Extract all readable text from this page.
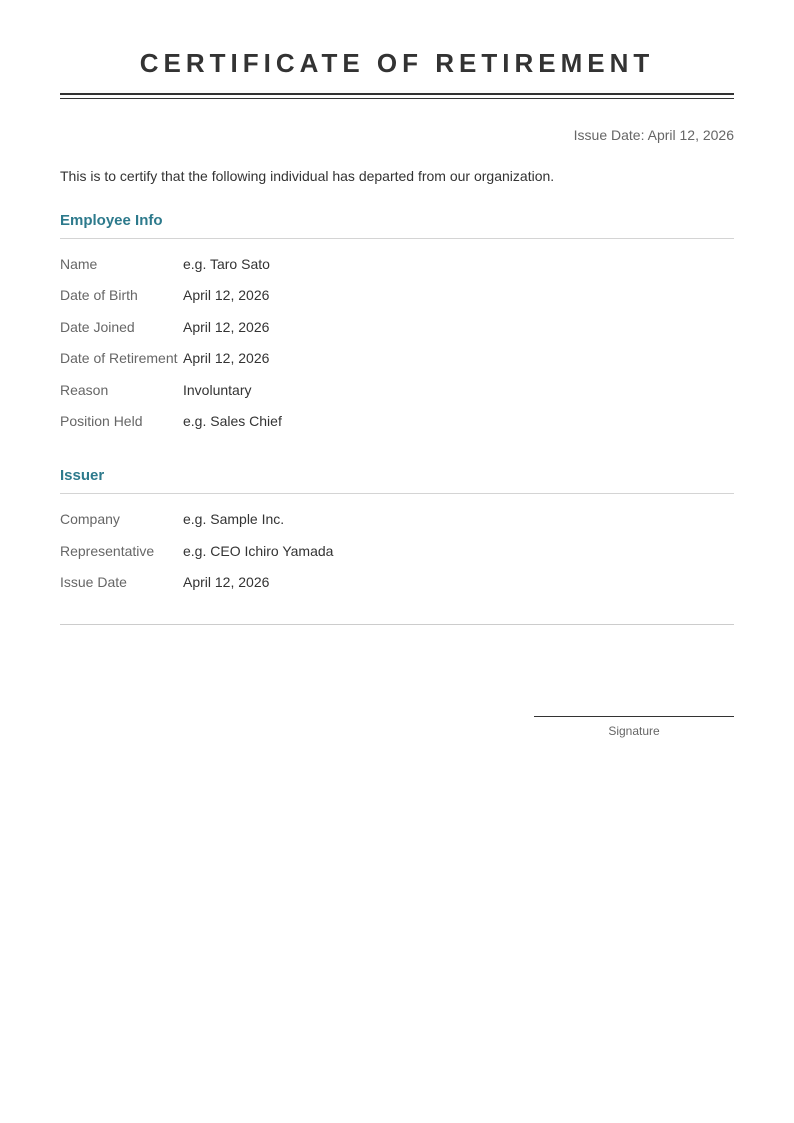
CERTIFICATE OF RETIREMENT
Issue Date: April 12, 2026

This is to certify that the following individual has departed from our organization.

Employee Info
Name	e.g. Taro Sato
Date of Birth	April 12, 2026
Date Joined	April 12, 2026
Date of Retirement April 12, 2026
Reason	Involuntary
Position Held	e.g. Sales Chief
Issuer
Company	e.g. Sample Inc.
Representative	e.g. CEO Ichiro Yamada
Issue Date	April 12, 2026
Signature
